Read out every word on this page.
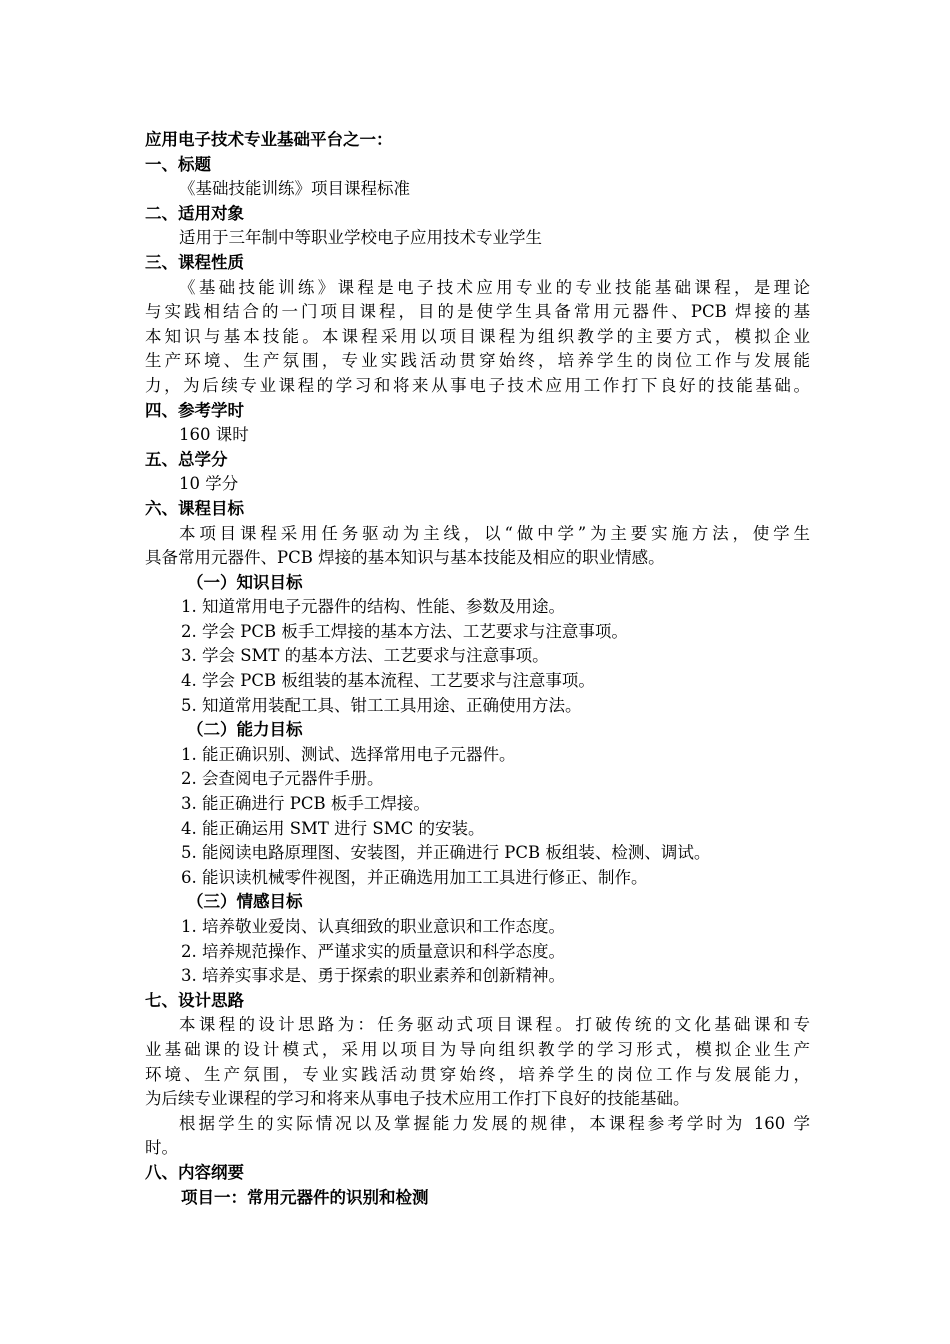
应用电子技术专业基础平台之一：
一、标题
《基础技能训练》项目课程标准
二、适用对象
适用于三年制中等职业学校电子应用技术专业学生
三、课程性质
《基础技能训练》课程是电子技术应用专业的专业技能基础课程，是理论
与实践相结合的一门项目课程，目的是使学生具备常用元器件、PCB 焊接的基
本知识与基本技能。本课程采用以项目课程为组织教学的主要方式，模拟企业
生产环境、生产氛围，专业实践活动贯穿始终，培养学生的岗位工作与发展能
力，为后续专业课程的学习和将来从事电子技术应用工作打下良好的技能基础。
四、参考学时
160 课时
五、总学分
10 学分
六、课程目标
本项目课程采用任务驱动为主线，以“做中学”为主要实施方法，使学生
具备常用元器件、PCB 焊接的基本知识与基本技能及相应的职业情感。
（一）知识目标
1. 知道常用电子元器件的结构、性能、参数及用途。
2. 学会 PCB 板手工焊接的基本方法、工艺要求与注意事项。
3. 学会 SMT 的基本方法、工艺要求与注意事项。
4. 学会 PCB 板组装的基本流程、工艺要求与注意事项。
5. 知道常用装配工具、钳工工具用途、正确使用方法。
（二）能力目标
1. 能正确识别、测试、选择常用电子元器件。
2. 会查阅电子元器件手册。
3. 能正确进行 PCB 板手工焊接。
4. 能正确运用 SMT 进行 SMC 的安装。
5. 能阅读电路原理图、安装图，并正确进行 PCB 板组装、检测、调试。
6. 能识读机械零件视图，并正确选用加工工具进行修正、制作。
（三）情感目标
1. 培养敬业爱岗、认真细致的职业意识和工作态度。
2. 培养规范操作、严谨求实的质量意识和科学态度。
3. 培养实事求是、勇于探索的职业素养和创新精神。
七、设计思路
本课程的设计思路为：任务驱动式项目课程。打破传统的文化基础课和专
业基础课的设计模式，采用以项目为导向组织教学的学习形式，模拟企业生产
环境、生产氛围，专业实践活动贯穿始终，培养学生的岗位工作与发展能力，
为后续专业课程的学习和将来从事电子技术应用工作打下良好的技能基础。
根据学生的实际情况以及掌握能力发展的规律，本课程参考学时为 160 学
时。
八、内容纲要
项目一：常用元器件的识别和检测
